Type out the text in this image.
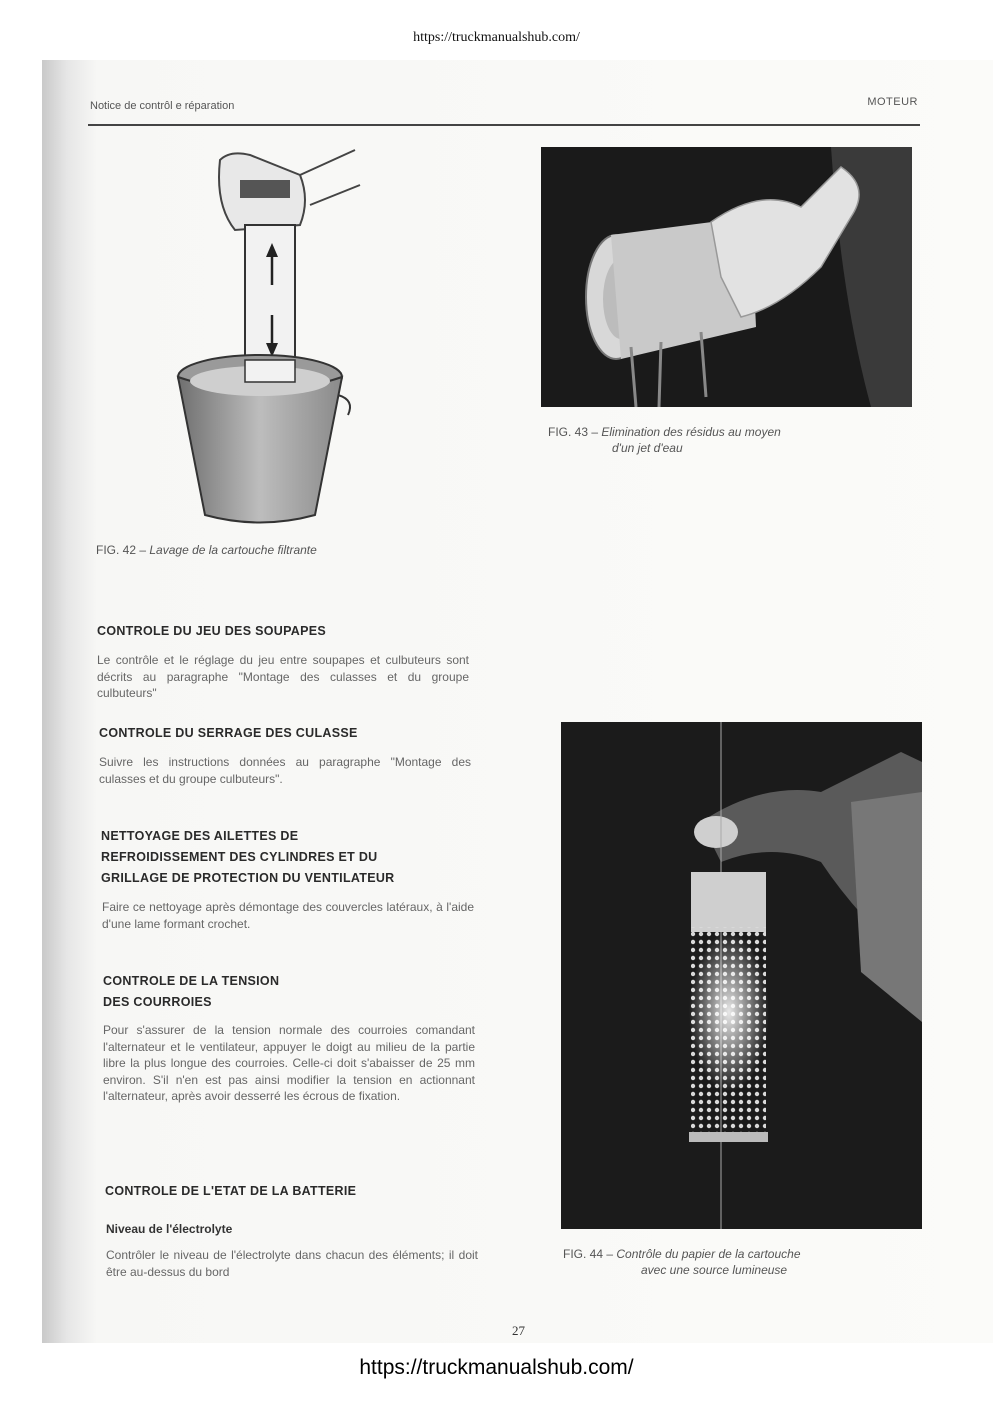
https://truckmanualshub.com/
Notice de contrôl e réparation	MOTEUR
FIG. 42 – Lavage de la cartouche filtrante
FIG. 43 – Elimination des résidus au moyen
d'un jet d'eau
FIG. 44 – Contrôle du papier de la cartouche
avec une source lumineuse
CONTROLE DU JEU DES SOUPAPES
Le contrôle et le réglage du jeu entre soupapes et culbuteurs sont décrits au paragraphe "Montage des culasses et du groupe culbuteurs"
CONTROLE DU SERRAGE DES CULASSE
Suivre les instructions données au paragraphe "Montage des culasses et du groupe culbuteurs".
NETTOYAGE DES AILETTES DE
REFROIDISSEMENT DES CYLINDRES ET DU
GRILLAGE DE PROTECTION DU VENTILATEUR
Faire ce nettoyage après démontage des couvercles latéraux, à l'aide d'une lame formant crochet.
CONTROLE DE LA TENSION
DES COURROIES
Pour s'assurer de la tension normale des courroies comandant l'alternateur et le ventilateur, appuyer le doigt au milieu de la partie libre la plus longue des courroies. Celle-ci doit s'abaisser de 25 mm environ. S'il n'en est pas ainsi modifier la tension en actionnant l'alternateur, après avoir desserré les écrous de fixation.
CONTROLE DE L'ETAT DE LA BATTERIE
Niveau de l'électrolyte
Contrôler le niveau de l'électrolyte dans chacun des éléments; il doit être au-dessus du bord
27
https://truckmanualshub.com/
